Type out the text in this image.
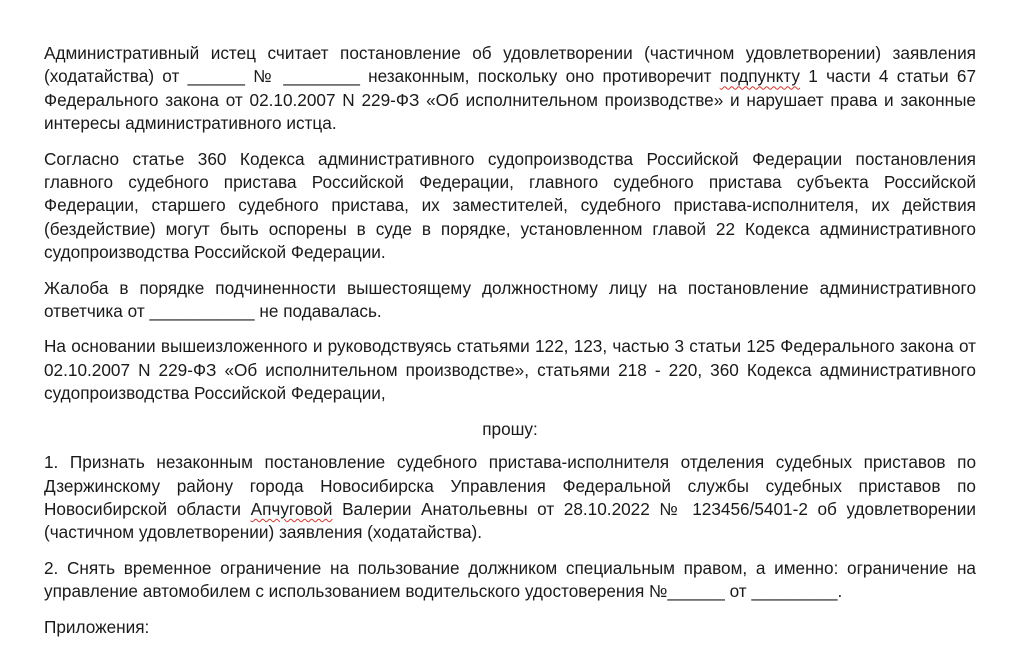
Административный истец считает постановление об удовлетворении (частичном удовлетворении) заявления (ходатайства) от ______ № ________ незаконным, поскольку оно противоречит подпункту 1 части 4 статьи 67 Федерального закона от 02.10.2007 N 229-ФЗ «Об исполнительном производстве» и нарушает права и законные интересы административного истца.

Согласно статье 360 Кодекса административного судопроизводства Российской Федерации постановления главного судебного пристава Российской Федерации, главного судебного пристава субъекта Российской Федерации, старшего судебного пристава, их заместителей, судебного пристава-исполнителя, их действия (бездействие) могут быть оспорены в суде в порядке, установленном главой 22 Кодекса административного судопроизводства Российской Федерации.

Жалоба в порядке подчиненности вышестоящему должностному лицу на постановление административного ответчика от ___________ не подавалась.

На основании вышеизложенного и руководствуясь статьями 122, 123, частью 3 статьи 125 Федерального закона от 02.10.2007 N 229-ФЗ «Об исполнительном производстве», статьями 218 - 220, 360 Кодекса административного судопроизводства Российской Федерации,

прошу:

1. Признать незаконным постановление судебного пристава-исполнителя отделения судебных приставов по Дзержинскому району города Новосибирска Управления Федеральной службы судебных приставов по Новосибирской области Апчуговой Валерии Анатольевны от 28.10.2022 № 123456/5401-2 об удовлетворении (частичном удовлетворении) заявления (ходатайства).

2. Снять временное ограничение на пользование должником специальным правом, а именно: ограничение на управление автомобилем с использованием водительского удостоверения №______ от _________.

Приложения:
